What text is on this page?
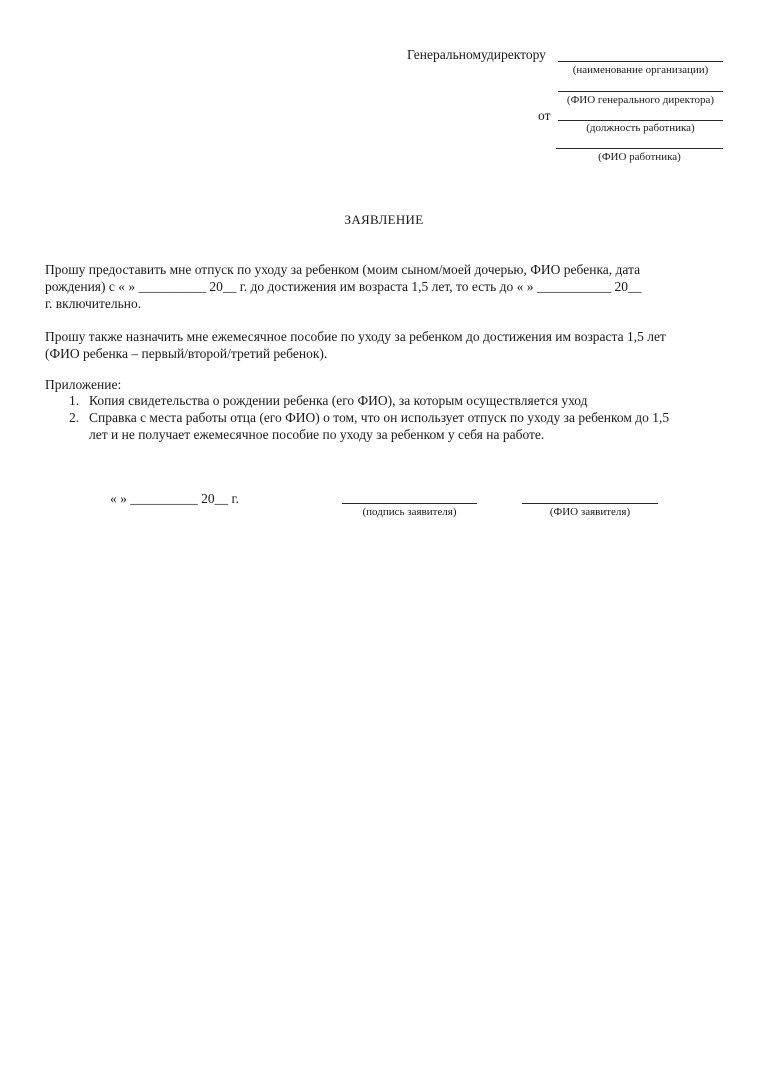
Генеральномудиректору
(наименование организации)
(ФИО генерального директора)
от
(должность работника)
(ФИО работника)
ЗАЯВЛЕНИЕ
Прошу предоставить мне отпуск по уходу за ребенком (моим сыном/моей дочерью, ФИО ребенка, дата
рождения) с « » __________ 20__ г. до достижения им возраста 1,5 лет, то есть до « » ___________ 20__
г. включительно.
Прошу также назначить мне ежемесячное пособие по уходу за ребенком до достижения им возраста 1,5 лет
(ФИО ребенка – первый/второй/третий ребенок).
Приложение:
1. Копия свидетельства о рождении ребенка (его ФИО), за которым осуществляется уход
2. Справка с места работы отца (его ФИО) о том, что он использует отпуск по уходу за ребенком до 1,5
лет и не получает ежемесячное пособие по уходу за ребенком у себя на работе.
« » __________ 20__ г.
(подпись заявителя)	(ФИО заявителя)
